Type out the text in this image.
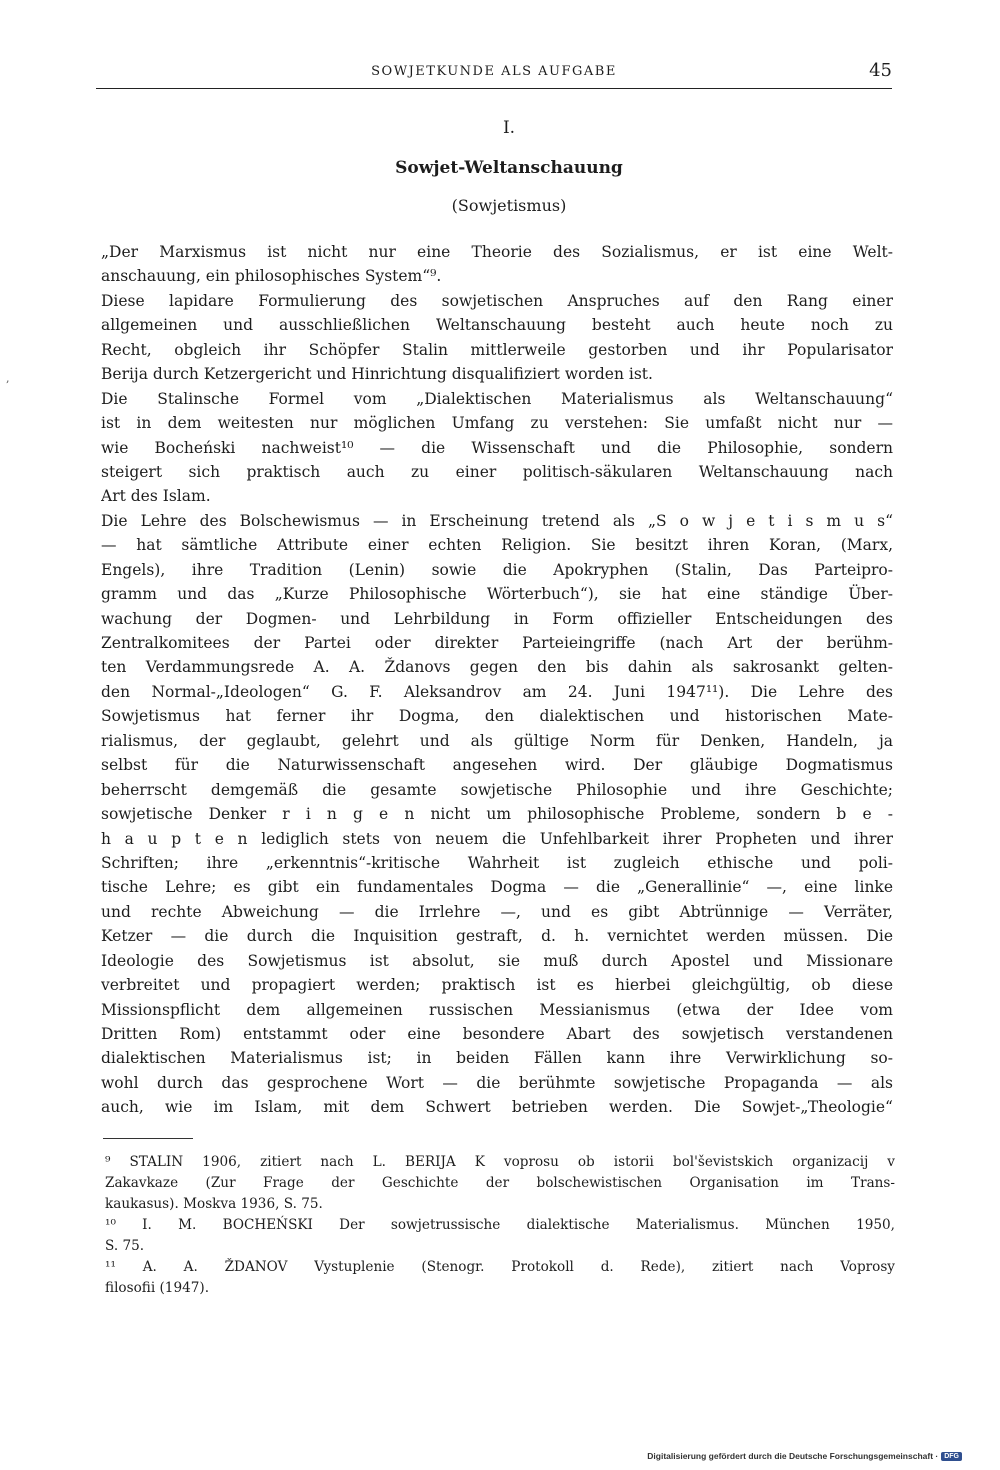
SOWJETKUNDE ALS AUFGABE	45
,
I.
Sowjet-Weltanschauung
(Sowjetismus)
„Der Marxismus ist nicht nur eine Theorie des Sozialismus, er ist eine Welt-
anschauung, ein philosophisches System“⁹.
Diese lapidare Formulierung des sowjetischen Anspruches auf den Rang einer
allgemeinen und ausschließlichen Weltanschauung besteht auch heute noch zu
Recht, obgleich ihr Schöpfer Stalin mittlerweile gestorben und ihr Popularisator
Berija durch Ketzergericht und Hinrichtung disqualifiziert worden ist.
Die Stalinsche Formel vom „Dialektischen Materialismus als Weltanschauung“
ist in dem weitesten nur möglichen Umfang zu verstehen: Sie umfaßt nicht nur —
wie Bocheński nachweist¹⁰ — die Wissenschaft und die Philosophie, sondern
steigert sich praktisch auch zu einer politisch-säkularen Weltanschauung nach
Art des Islam.
Die Lehre des Bolschewismus — in Erscheinung tretend als „S o w j e t i s m u s“
— hat sämtliche Attribute einer echten Religion. Sie besitzt ihren Koran, (Marx,
Engels), ihre Tradition (Lenin) sowie die Apokryphen (Stalin, Das Parteipro-
gramm und das „Kurze Philosophische Wörterbuch“), sie hat eine ständige Über-
wachung der Dogmen- und Lehrbildung in Form offizieller Entscheidungen des
Zentralkomitees der Partei oder direkter Parteieingriffe (nach Art der berühm-
ten Verdammungsrede A. A. Ždanovs gegen den bis dahin als sakrosankt gelten-
den Normal-„Ideologen“ G. F. Aleksandrov am 24. Juni 1947¹¹). Die Lehre des
Sowjetismus hat ferner ihr Dogma, den dialektischen und historischen Mate-
rialismus, der geglaubt, gelehrt und als gültige Norm für Denken, Handeln, ja
selbst für die Naturwissenschaft angesehen wird. Der gläubige Dogmatismus
beherrscht demgemäß die gesamte sowjetische Philosophie und ihre Geschichte;
sowjetische Denker r i n g e n nicht um philosophische Probleme, sondern b e -
h a u p t e n lediglich stets von neuem die Unfehlbarkeit ihrer Propheten und ihrer
Schriften; ihre „erkenntnis“-kritische Wahrheit ist zugleich ethische und poli-
tische Lehre; es gibt ein fundamentales Dogma — die „Generallinie“ —, eine linke
und rechte Abweichung — die Irrlehre —, und es gibt Abtrünnige — Verräter,
Ketzer — die durch die Inquisition gestraft, d. h. vernichtet werden müssen. Die
Ideologie des Sowjetismus ist absolut, sie muß durch Apostel und Missionare
verbreitet und propagiert werden; praktisch ist es hierbei gleichgültig, ob diese
Missionspflicht dem allgemeinen russischen Messianismus (etwa der Idee vom
Dritten Rom) entstammt oder eine besondere Abart des sowjetisch verstandenen
dialektischen Materialismus ist; in beiden Fällen kann ihre Verwirklichung so-
wohl durch das gesprochene Wort — die berühmte sowjetische Propaganda — als
auch, wie im Islam, mit dem Schwert betrieben werden. Die Sowjet-„Theologie“
⁹ STALIN 1906, zitiert nach L. BERIJA K voprosu ob istorii bol'ševistskich organizacij v
Zakavkaze (Zur Frage der Geschichte der bolschewistischen Organisation im Trans-
kaukasus). Moskva 1936, S. 75.
¹⁰ I. M. BOCHEŃSKI Der sowjetrussische dialektische Materialismus. München 1950,
S. 75.
¹¹ A. A. ŽDANOV Vystuplenie (Stenogr. Protokoll d. Rede), zitiert nach Voprosy
filosofii (1947).
Digitalisierung gefördert durch die Deutsche Forschungsgemeinschaft · DFG
